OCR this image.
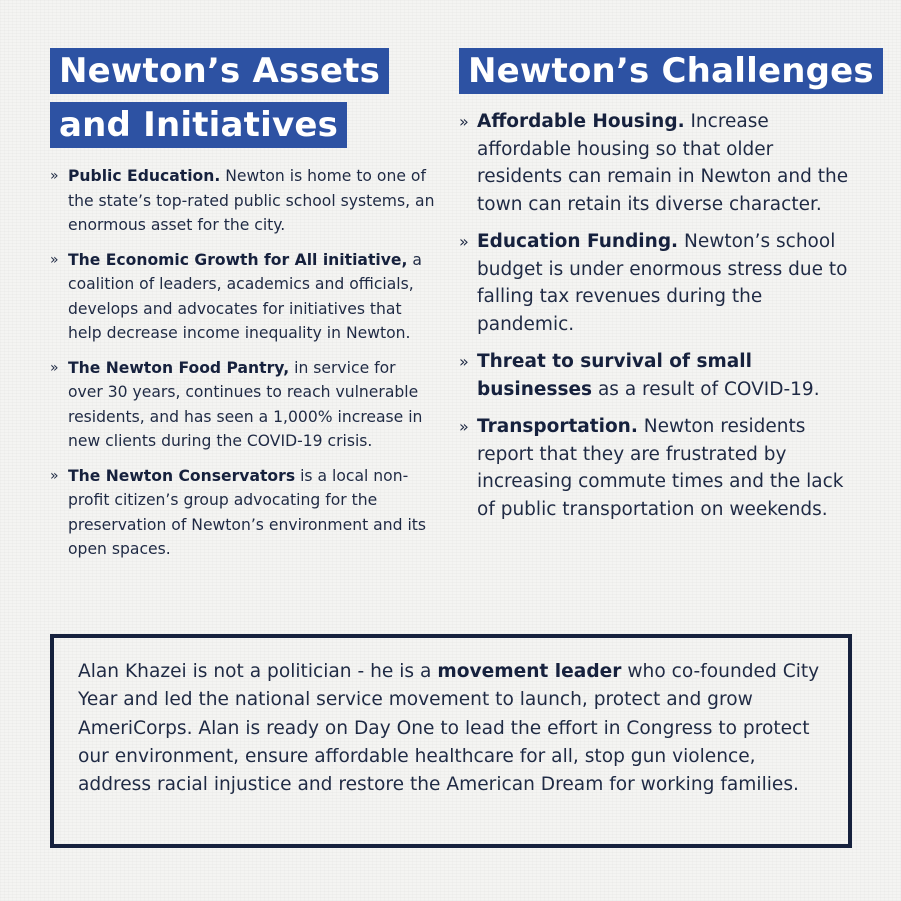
Newton’s Assets
and Initiatives
» Public Education. Newton is home to one of the state’s top-rated public school systems, an enormous asset for the city.
» The Economic Growth for All initiative, a coalition of leaders, academics and officials, develops and advocates for initiatives that help decrease income inequality in Newton.
» The Newton Food Pantry, in service for over 30 years, continues to reach vulnerable residents, and has seen a 1,000% increase in new clients during the COVID-19 crisis.
» The Newton Conservators is a local non-profit citizen’s group advocating for the preservation of Newton’s environment and its open spaces.
Newton’s Challenges
» Affordable Housing. Increase affordable housing so that older residents can remain in Newton and the town can retain its diverse character.
» Education Funding. Newton’s school budget is under enormous stress due to falling tax revenues during the pandemic.
» Threat to survival of small businesses as a result of COVID-19.
» Transportation. Newton residents report that they are frustrated by increasing commute times and the lack of public transportation on weekends.

Alan Khazei is not a politician - he is a movement leader who co-founded City Year and led the national service movement to launch, protect and grow AmeriCorps. Alan is ready on Day One to lead the effort in Congress to protect our environment, ensure affordable healthcare for all, stop gun violence, address racial injustice and restore the American Dream for working families.
